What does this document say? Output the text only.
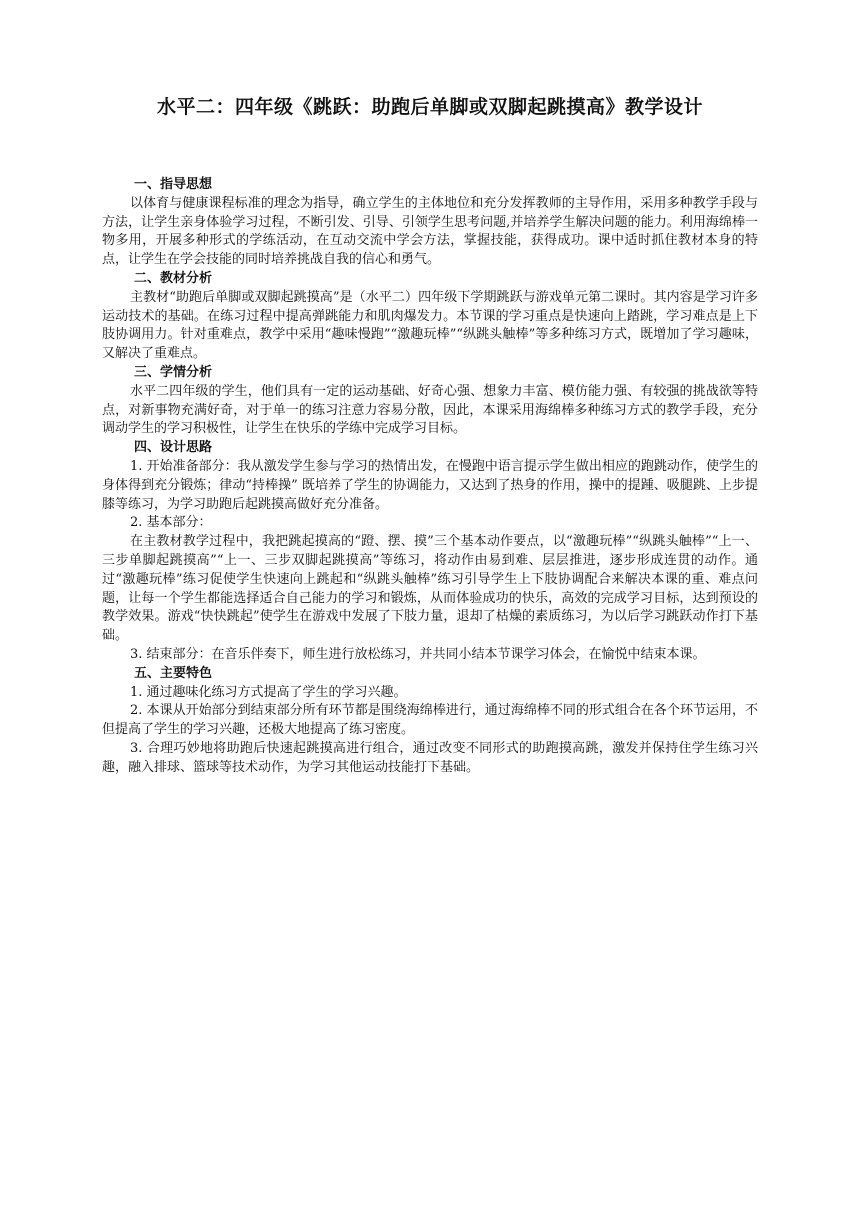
水平二：四年级《跳跃：助跑后单脚或双脚起跳摸高》教学设计

一、指导思想

以体育与健康课程标准的理念为指导，确立学生的主体地位和充分发挥教师的主导作用，采用多种教学手段与方法，让学生亲身体验学习过程，不断引发、引导、引领学生思考问题,并培养学生解决问题的能力。利用海绵棒一物多用，开展多种形式的学练活动，在互动交流中学会方法，掌握技能，获得成功。课中适时抓住教材本身的特点，让学生在学会技能的同时培养挑战自我的信心和勇气。

二、教材分析

主教材“助跑后单脚或双脚起跳摸高”是（水平二）四年级下学期跳跃与游戏单元第二课时。其内容是学习许多运动技术的基础。在练习过程中提高弹跳能力和肌肉爆发力。本节课的学习重点是快速向上踏跳，学习难点是上下肢协调用力。针对重难点，教学中采用“趣味慢跑”“激趣玩棒”“纵跳头触棒”等多种练习方式，既增加了学习趣味，又解决了重难点。

三、学情分析

水平二四年级的学生，他们具有一定的运动基础、好奇心强、想象力丰富、模仿能力强、有较强的挑战欲等特点，对新事物充满好奇，对于单一的练习注意力容易分散，因此，本课采用海绵棒多种练习方式的教学手段，充分调动学生的学习积极性，让学生在快乐的学练中完成学习目标。

四、设计思路

1. 开始准备部分：我从激发学生参与学习的热情出发，在慢跑中语言提示学生做出相应的跑跳动作，使学生的身体得到充分锻炼；律动“持棒操” 既培养了学生的协调能力，又达到了热身的作用，操中的提踵、吸腿跳、上步提膝等练习，为学习助跑后起跳摸高做好充分准备。

2. 基本部分：

在主教材教学过程中，我把跳起摸高的“蹬、摆、摸”三个基本动作要点，以“激趣玩棒”“纵跳头触棒”“上一、三步单脚起跳摸高”“上一、三步双脚起跳摸高”等练习，将动作由易到难、层层推进，逐步形成连贯的动作。通过“激趣玩棒”练习促使学生快速向上跳起和“纵跳头触棒”练习引导学生上下肢协调配合来解决本课的重、难点问题，让每一个学生都能选择适合自己能力的学习和锻炼，从而体验成功的快乐，高效的完成学习目标，达到预设的教学效果。游戏“快快跳起”使学生在游戏中发展了下肢力量，退却了枯燥的素质练习，为以后学习跳跃动作打下基础。

3. 结束部分：在音乐伴奏下，师生进行放松练习，并共同小结本节课学习体会，在愉悦中结束本课。

五、主要特色

1. 通过趣味化练习方式提高了学生的学习兴趣。

2. 本课从开始部分到结束部分所有环节都是围绕海绵棒进行，通过海绵棒不同的形式组合在各个环节运用，不但提高了学生的学习兴趣，还极大地提高了练习密度。

3. 合理巧妙地将助跑后快速起跳摸高进行组合，通过改变不同形式的助跑摸高跳，激发并保持住学生练习兴趣，融入排球、篮球等技术动作，为学习其他运动技能打下基础。
